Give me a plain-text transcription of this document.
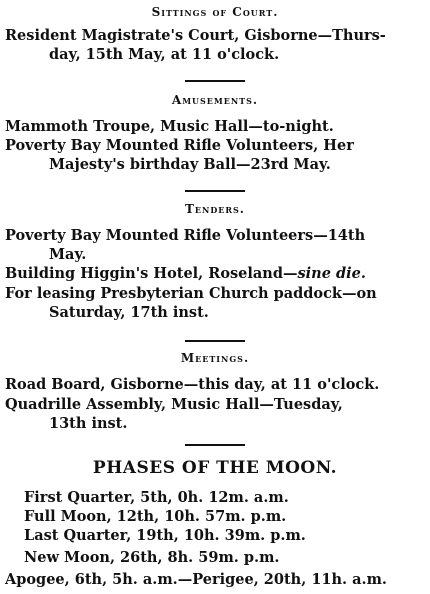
Sittings of Court.
Resident Magistrate's Court, Gisborne—Thurs-
day, 15th May, at 11 o'clock.
Amusements.
Mammoth Troupe, Music Hall—to-night.
Poverty Bay Mounted Rifle Volunteers, Her
Majesty's birthday Ball—23rd May.
Tenders.
Poverty Bay Mounted Rifle Volunteers—14th
May.
Building Higgin's Hotel, Roseland—sine die.
For leasing Presbyterian Church paddock—on
Saturday, 17th inst.
Meetings.
Road Board, Gisborne—this day, at 11 o'clock.
Quadrille Assembly, Music Hall—Tuesday,
13th inst.
PHASES OF THE MOON.
First Quarter, 5th, 0h. 12m. a.m.
Full Moon, 12th, 10h. 57m. p.m.
Last Quarter, 19th, 10h. 39m. p.m.
New Moon, 26th, 8h. 59m. p.m.
Apogee, 6th, 5h. a.m.—Perigee, 20th, 11h. a.m.
